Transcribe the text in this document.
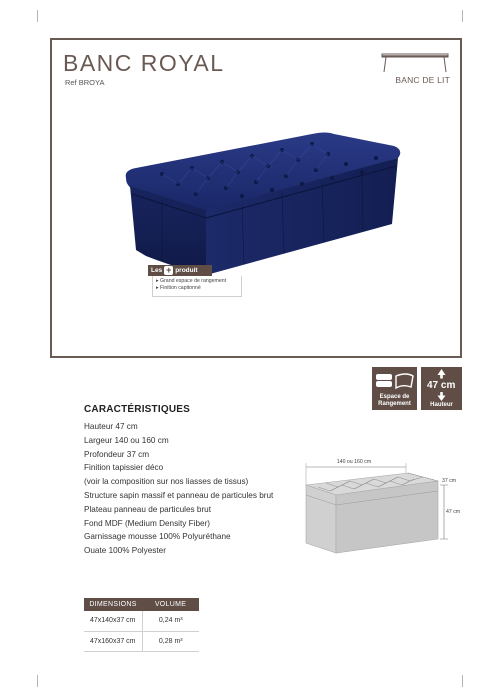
BANC ROYAL
Ref BROYA	BANC DE LIT
Les + produit
▸ Grand espace de rangement
▸ Finition capitonné
Espace de
Rangement
47 cm
Hauteur
CARACTÉRISTIQUES
Hauteur 47 cm
Largeur 140 ou 160 cm
Profondeur 37 cm
Finition tapissier déco
(voir la composition sur nos liasses de tissus)
Structure sapin massif et panneau de particules brut
Plateau panneau de particules brut
Fond MDF (Medium Density Fiber)
Garnissage mousse 100% Polyuréthane
Ouate 100% Polyester
140 ou 160 cm
37 cm
47 cm
DIMENSIONS	VOLUME
47x140x37 cm	0,24 m³
47x160x37 cm	0,28 m³
